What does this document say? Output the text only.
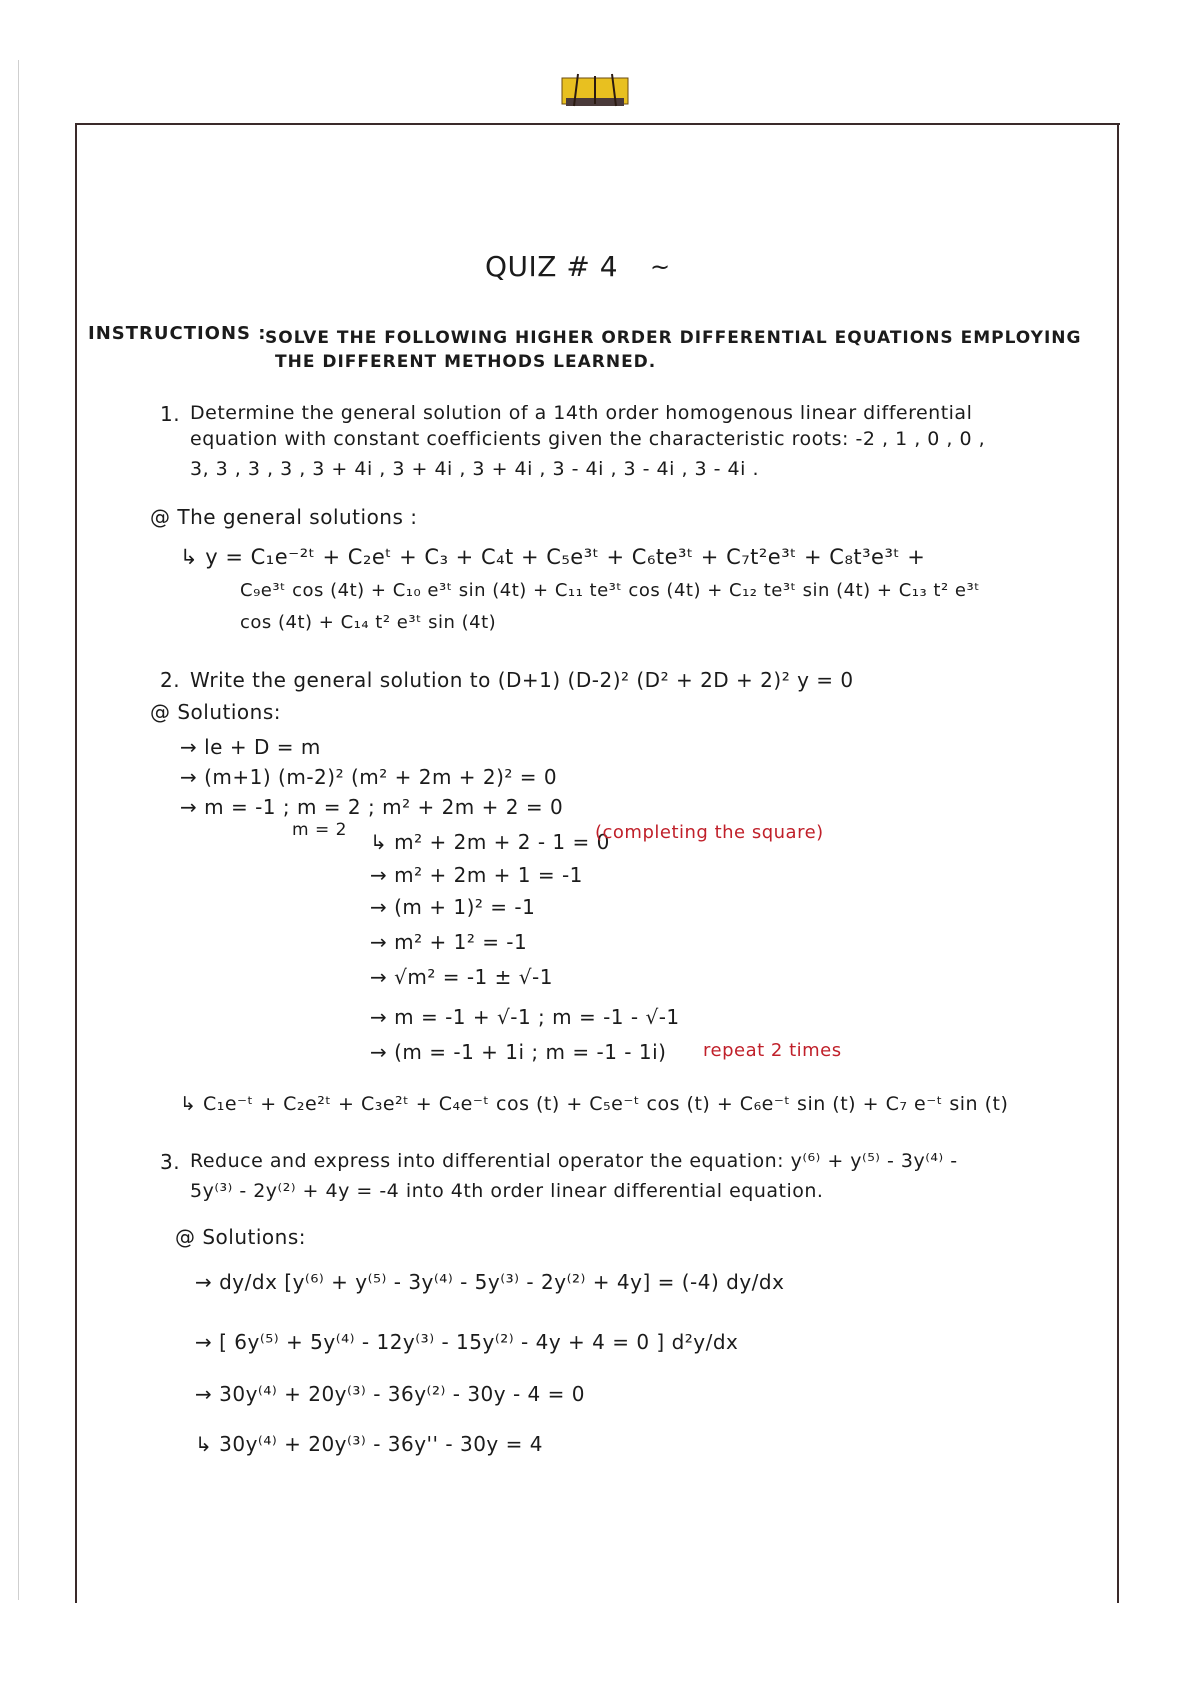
QUIZ # 4 ~
INSTRUCTIONS :
SOLVE THE FOLLOWING HIGHER ORDER DIFFERENTIAL EQUATIONS EMPLOYING
THE DIFFERENT METHODS LEARNED.
1. Determine the general solution of a 14th order homogenous linear differential
equation with constant coefficients given the characteristic roots: -2 , 1 , 0 , 0 ,
3, 3 , 3 , 3 , 3 + 4i , 3 + 4i , 3 + 4i , 3 - 4i , 3 - 4i , 3 - 4i .
@ The general solutions :
↳ y = C₁e⁻²ᵗ + C₂eᵗ + C₃ + C₄t + C₅e³ᵗ + C₆te³ᵗ + C₇t²e³ᵗ + C₈t³e³ᵗ +
C₉e³ᵗ cos (4t) + C₁₀ e³ᵗ sin (4t) + C₁₁ te³ᵗ cos (4t) + C₁₂ te³ᵗ sin (4t) + C₁₃ t² e³ᵗ
cos (4t) + C₁₄ t² e³ᵗ sin (4t)
2. Write the general solution to (D+1) (D-2)² (D² + 2D + 2)² y = 0
@ Solutions:
→ le + D = m
→ (m+1) (m-2)² (m² + 2m + 2)² = 0
→ m = -1 ; m = 2 ; m² + 2m + 2 = 0
m = 2 ↳ m² + 2m + 2 - 1 = 0
(completing the square)
→ m² + 2m + 1 = -1
→ (m + 1)² = -1
→ m² + 1² = -1
→ √m² = -1 ± √-1
→ m = -1 + √-1 ; m = -1 - √-1
→ (m = -1 + 1i ; m = -1 - 1i) repeat 2 times
↳ C₁e⁻ᵗ + C₂e²ᵗ + C₃e²ᵗ + C₄e⁻ᵗ cos (t) + C₅e⁻ᵗ cos (t) + C₆e⁻ᵗ sin (t) + C₇ e⁻ᵗ sin (t)
3. Reduce and express into differential operator the equation: y⁽⁶⁾ + y⁽⁵⁾ - 3y⁽⁴⁾ -
5y⁽³⁾ - 2y⁽²⁾ + 4y = -4 into 4th order linear differential equation.
@ Solutions:
→ dy/dx [y⁽⁶⁾ + y⁽⁵⁾ - 3y⁽⁴⁾ - 5y⁽³⁾ - 2y⁽²⁾ + 4y] = (-4) dy/dx
→ [ 6y⁽⁵⁾ + 5y⁽⁴⁾ - 12y⁽³⁾ - 15y⁽²⁾ - 4y + 4 = 0 ] d²y/dx
→ 30y⁽⁴⁾ + 20y⁽³⁾ - 36y⁽²⁾ - 30y - 4 = 0
↳ 30y⁽⁴⁾ + 20y⁽³⁾ - 36y'' - 30y = 4
